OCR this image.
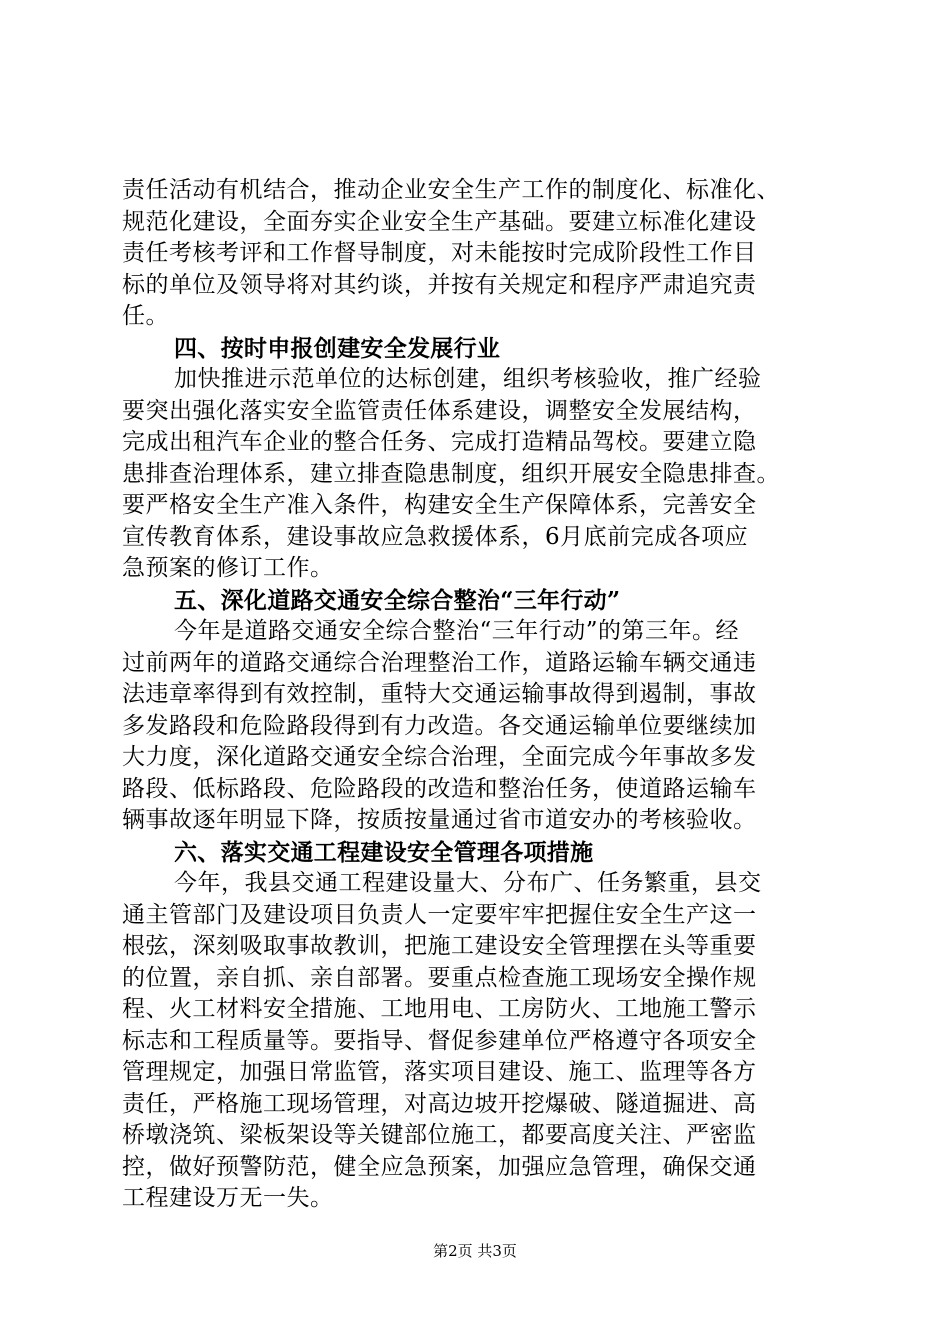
责任活动有机结合，推动企业安全生产工作的制度化、标准化、
规范化建设，全面夯实企业安全生产基础。要建立标准化建设
责任考核考评和工作督导制度，对未能按时完成阶段性工作目
标的单位及领导将对其约谈，并按有关规定和程序严肃追究责
任。
四、按时申报创建安全发展行业
加快推进示范单位的达标创建，组织考核验收，推广经验
要突出强化落实安全监管责任体系建设，调整安全发展结构，
完成出租汽车企业的整合任务、完成打造精品驾校。要建立隐
患排查治理体系，建立排查隐患制度，组织开展安全隐患排查。
要严格安全生产准入条件，构建安全生产保障体系，完善安全
宣传教育体系，建设事故应急救援体系，6月底前完成各项应
急预案的修订工作。
五、深化道路交通安全综合整治“三年行动”
今年是道路交通安全综合整治“三年行动”的第三年。经
过前两年的道路交通综合治理整治工作，道路运输车辆交通违
法违章率得到有效控制，重特大交通运输事故得到遏制，事故
多发路段和危险路段得到有力改造。各交通运输单位要继续加
大力度，深化道路交通安全综合治理，全面完成今年事故多发
路段、低标路段、危险路段的改造和整治任务，使道路运输车
辆事故逐年明显下降，按质按量通过省市道安办的考核验收。
六、落实交通工程建设安全管理各项措施
今年，我县交通工程建设量大、分布广、任务繁重，县交
通主管部门及建设项目负责人一定要牢牢把握住安全生产这一
根弦，深刻吸取事故教训，把施工建设安全管理摆在头等重要
的位置，亲自抓、亲自部署。要重点检查施工现场安全操作规
程、火工材料安全措施、工地用电、工房防火、工地施工警示
标志和工程质量等。要指导、督促参建单位严格遵守各项安全
管理规定，加强日常监管，落实项目建设、施工、监理等各方
责任，严格施工现场管理，对高边坡开挖爆破、隧道掘进、高
桥墩浇筑、梁板架设等关键部位施工，都要高度关注、严密监
控，做好预警防范，健全应急预案，加强应急管理，确保交通
工程建设万无一失。
第2页 共3页
